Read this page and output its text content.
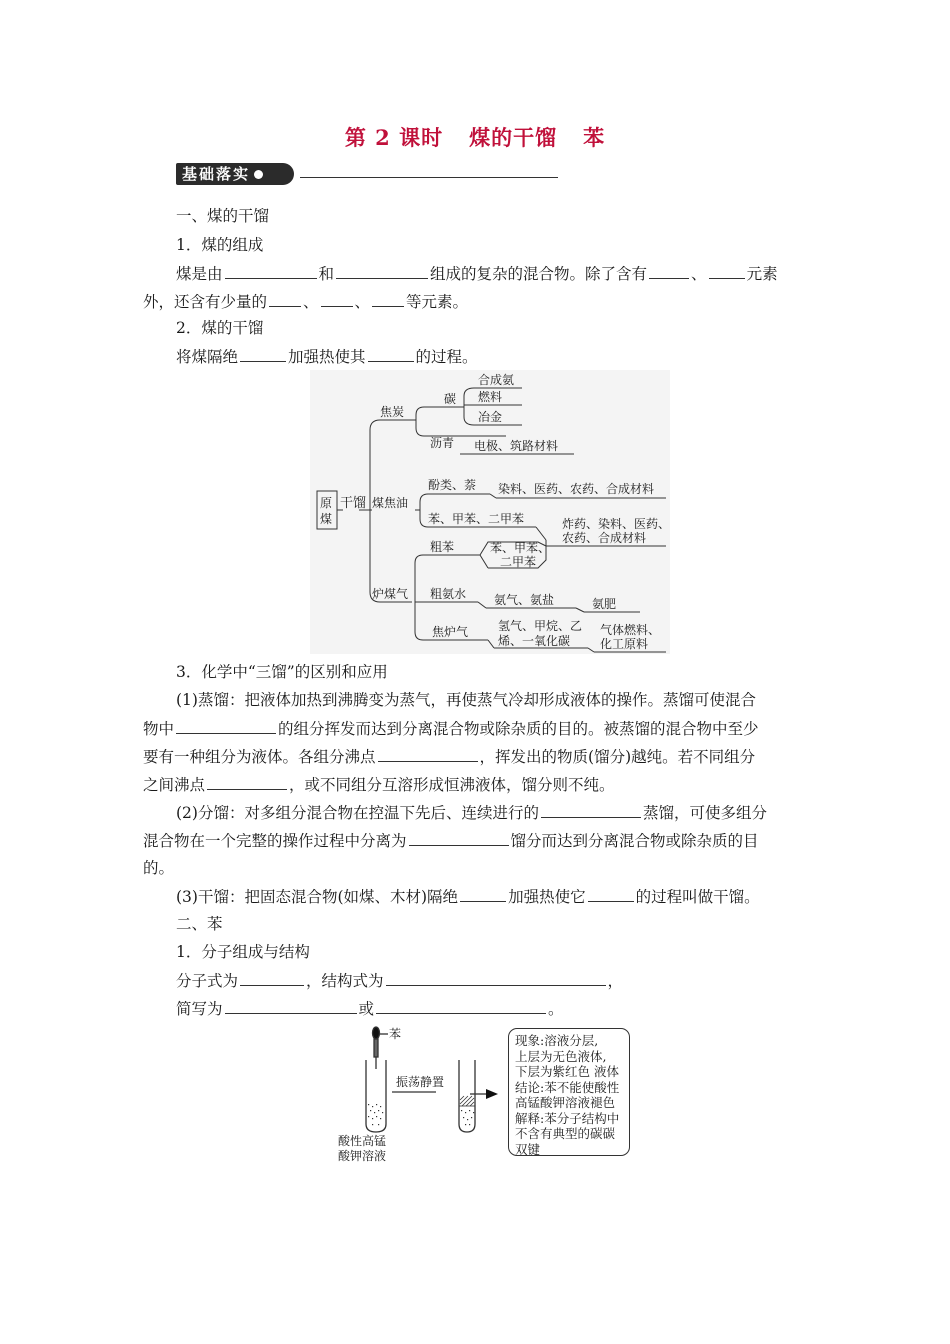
第 2 课时 煤的干馏 苯
基础落实
一、煤的干馏
1．煤的组成
煤是由	和	组成的复杂的混合物。除了含有	、	元素
外，还含有少量的 、 、 等元素。
2．煤的干馏
将煤隔绝	加强热使其	的过程。
原煤
干馏
焦炭
煤焦油
炉煤气
碳
合成氨
燃料
冶金
沥青 电极、筑路材料
酚类、萘 染料、医药、农药、合成材料
苯、甲苯、二甲苯	炸药、染料、医药、
农药、合成材料
粗苯	苯、甲苯、
二甲苯
粗氨水 氨气、氨盐	氨肥
焦炉气 氢气、甲烷、乙
烯、一氧化碳
气体燃料、
化工原料
3．化学中“三馏”的区别和应用
(1)蒸馏：把液体加热到沸腾变为蒸气，再使蒸气冷却形成液体的操作。蒸馏可使混合
物中	的组分挥发而达到分离混合物或除杂质的目的。被蒸馏的混合物中至少
要有一种组分为液体。各组分沸点	，挥发出的物质(馏分)越纯。若不同组分
之间沸点	，或不同组分互溶形成恒沸液体，馏分则不纯。
(2)分馏：对多组分混合物在控温下先后、连续进行的	蒸馏，可使多组分
混合物在一个完整的操作过程中分离为	馏分而达到分离混合物或除杂质的目
的。
(3)干馏：把固态混合物(如煤、木材)隔绝	加强热使它	的过程叫做干馏。
二、苯
1．分子组成与结构
分子式为	，结构式为	，
简写为	或	。
苯
振荡静置
酸性高锰
酸钾溶液
现象:溶液分层,
上层为无色液体,
下层为紫红色 液体
结论:苯不能使酸性
高锰酸钾溶液褪色
解释:苯分子结构中
不含有典型的碳碳
双键
